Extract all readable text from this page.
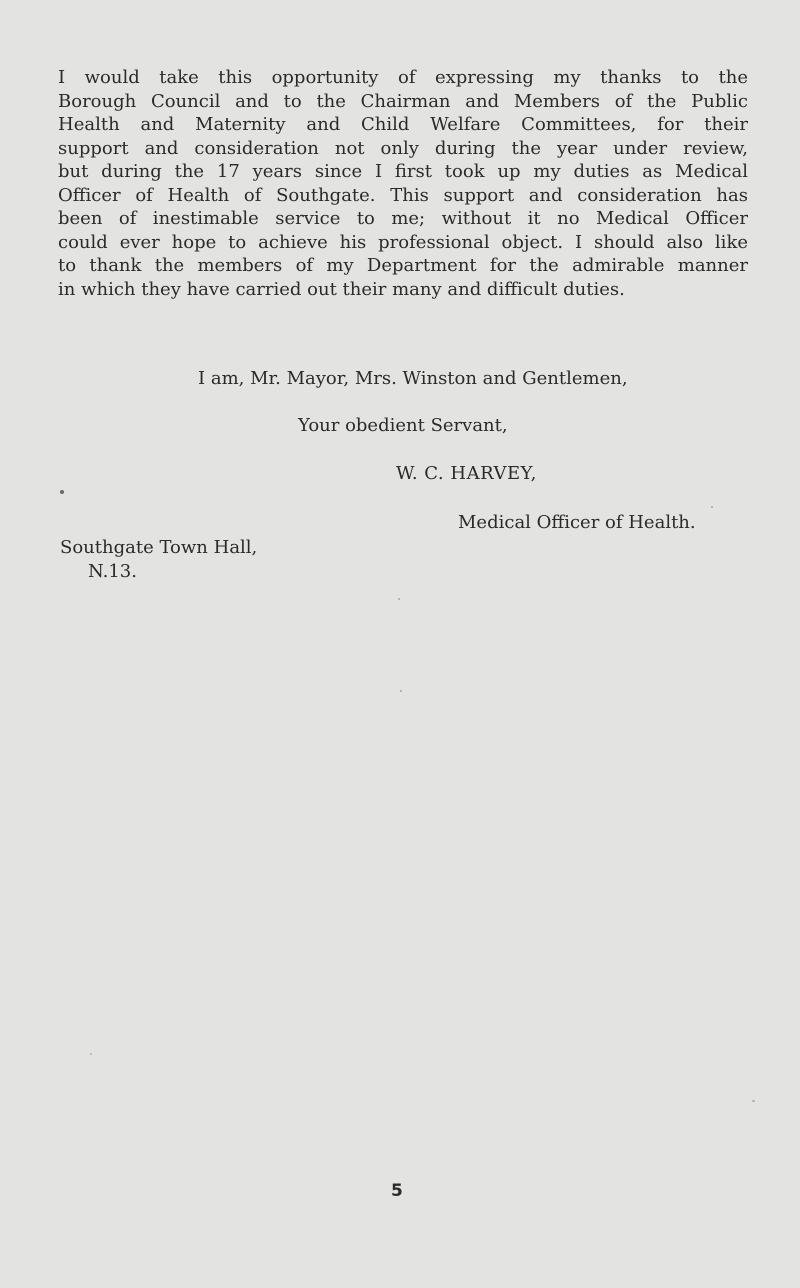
I would take this opportunity of expressing my thanks to the
Borough Council and to the Chairman and Members of the Public
Health and Maternity and Child Welfare Committees, for their
support and consideration not only during the year under review,
but during the 17 years since I first took up my duties as Medical
Officer of Health of Southgate. This support and consideration has
been of inestimable service to me; without it no Medical Officer
could ever hope to achieve his professional object. I should also like
to thank the members of my Department for the admirable manner
in which they have carried out their many and difficult duties.

I am, Mr. Mayor, Mrs. Winston and Gentlemen,

Your obedient Servant,

W. C. HARVEY,

Medical Officer of Health.

Southgate Town Hall,

N.13.

5
